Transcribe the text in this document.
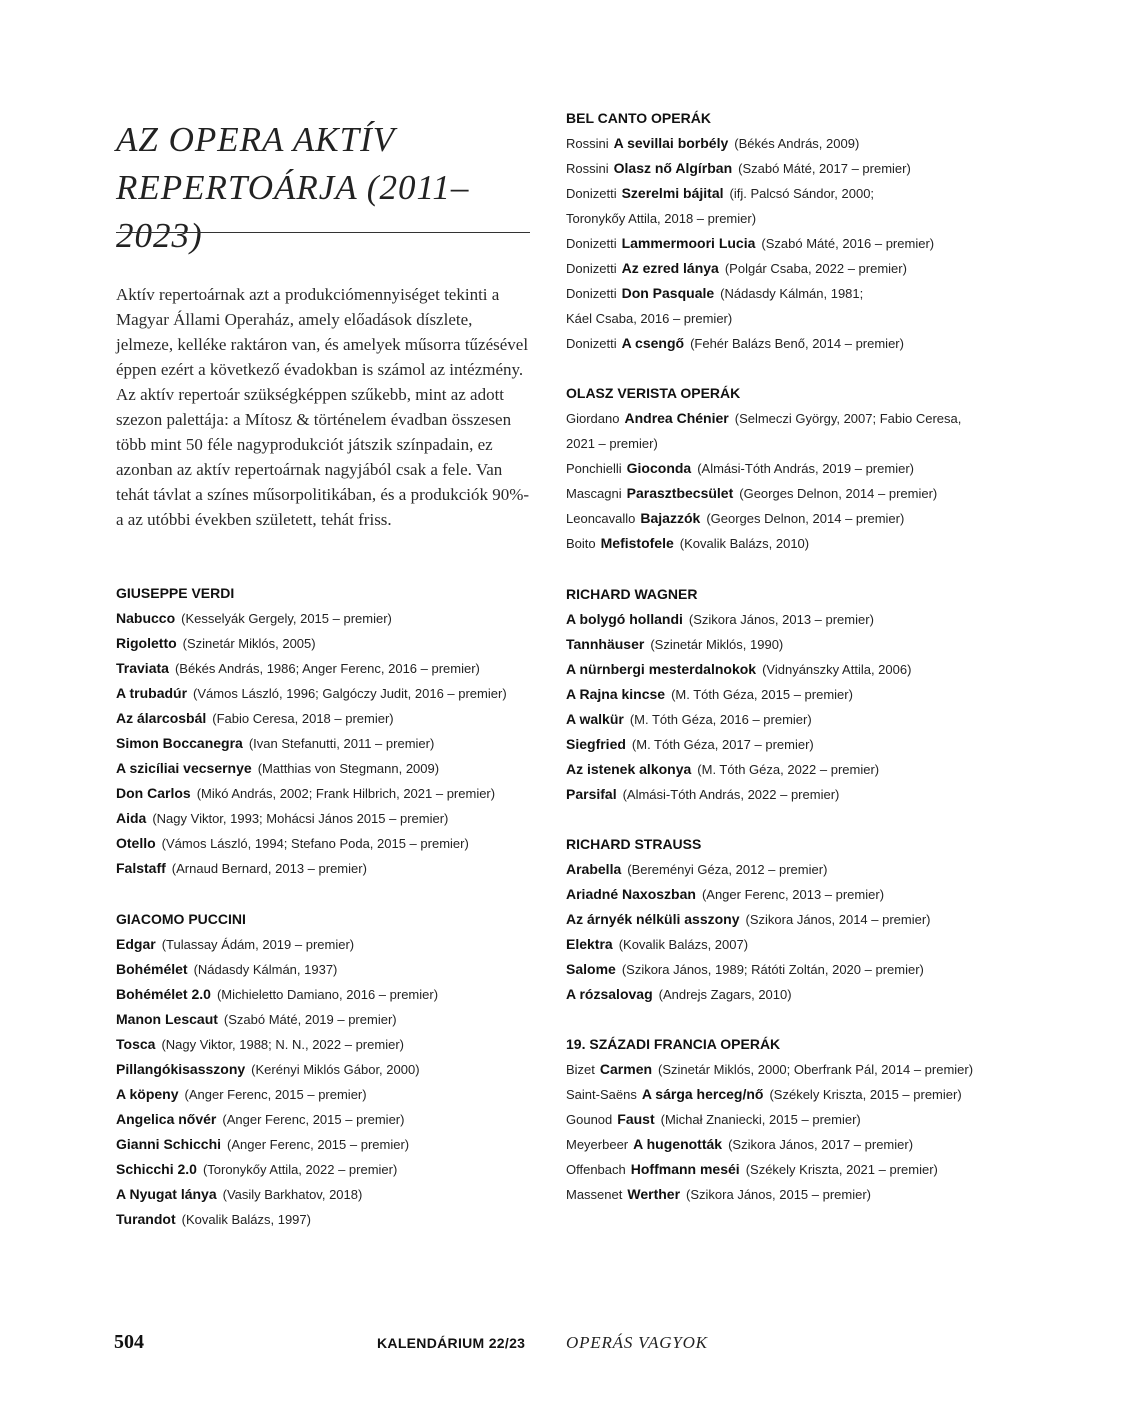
AZ OPERA AKTÍV
REPERTOÁRJA (2011–2023)

Aktív repertoárnak azt a produkciómennyiséget tekinti a Magyar Állami Operaház, amely előadások díszlete, jelmeze, kelléke raktáron van, és amelyek műsorra tűzésével éppen ezért a következő évadokban is számol az intézmény. Az aktív repertoár szükségképpen szűkebb, mint az adott szezon palettája: a Mítosz & történelem évadban összesen több mint 50 féle nagyprodukciót játszik színpadain, ez azonban az aktív repertoárnak nagyjából csak a fele. Van tehát távlat a színes műsorpolitikában, és a produkciók 90%-a az utóbbi években született, tehát friss.

GIUSEPPE VERDI
Nabucco (Kesselyák Gergely, 2015 – premier)
Rigoletto (Szinetár Miklós, 2005)
Traviata (Békés András, 1986; Anger Ferenc, 2016 – premier)
A trubadúr (Vámos László, 1996; Galgóczy Judit, 2016 – premier)
Az álarcosbál (Fabio Ceresa, 2018 – premier)
Simon Boccanegra (Ivan Stefanutti, 2011 – premier)
A szicíliai vecsernye (Matthias von Stegmann, 2009)
Don Carlos (Mikó András, 2002; Frank Hilbrich, 2021 – premier)
Aida (Nagy Viktor, 1993; Mohácsi János 2015 – premier)
Otello (Vámos László, 1994; Stefano Poda, 2015 – premier)
Falstaff (Arnaud Bernard, 2013 – premier)
GIACOMO PUCCINI
Edgar (Tulassay Ádám, 2019 – premier)
Bohémélet (Nádasdy Kálmán, 1937)
Bohémélet 2.0 (Michieletto Damiano, 2016 – premier)
Manon Lescaut (Szabó Máté, 2019 – premier)
Tosca (Nagy Viktor, 1988; N. N., 2022 – premier)
Pillangókisasszony (Kerényi Miklós Gábor, 2000)
A köpeny (Anger Ferenc, 2015 – premier)
Angelica nővér (Anger Ferenc, 2015 – premier)
Gianni Schicchi (Anger Ferenc, 2015 – premier)
Schicchi 2.0 (Toronykőy Attila, 2022 – premier)
A Nyugat lánya (Vasily Barkhatov, 2018)
Turandot (Kovalik Balázs, 1997)
BEL CANTO OPERÁK
Rossini A sevillai borbély (Békés András, 2009)
Rossini Olasz nő Algírban (Szabó Máté, 2017 – premier)
Donizetti Szerelmi bájital (ifj. Palcsó Sándor, 2000;
Toronykőy Attila, 2018 – premier)
Donizetti Lammermoori Lucia (Szabó Máté, 2016 – premier)
Donizetti Az ezred lánya (Polgár Csaba, 2022 – premier)
Donizetti Don Pasquale (Nádasdy Kálmán, 1981;
Káel Csaba, 2016 – premier)
Donizetti A csengő (Fehér Balázs Benő, 2014 – premier)
OLASZ VERISTA OPERÁK
Giordano Andrea Chénier (Selmeczi György, 2007; Fabio Ceresa,
2021 – premier)
Ponchielli Gioconda (Almási-Tóth András, 2019 – premier)
Mascagni Parasztbecsület (Georges Delnon, 2014 – premier)
Leoncavallo Bajazzók (Georges Delnon, 2014 – premier)
Boito Mefistofele (Kovalik Balázs, 2010)
RICHARD WAGNER
A bolygó hollandi (Szikora János, 2013 – premier)
Tannhäuser (Szinetár Miklós, 1990)
A nürnbergi mesterdalnokok (Vidnyánszky Attila, 2006)
A Rajna kincse (M. Tóth Géza, 2015 – premier)
A walkür (M. Tóth Géza, 2016 – premier)
Siegfried (M. Tóth Géza, 2017 – premier)
Az istenek alkonya (M. Tóth Géza, 2022 – premier)
Parsifal (Almási-Tóth András, 2022 – premier)
RICHARD STRAUSS
Arabella (Bereményi Géza, 2012 – premier)
Ariadné Naxoszban (Anger Ferenc, 2013 – premier)
Az árnyék nélküli asszony (Szikora János, 2014 – premier)
Elektra (Kovalik Balázs, 2007)
Salome (Szikora János, 1989; Rátóti Zoltán, 2020 – premier)
A rózsalovag (Andrejs Zagars, 2010)
19. SZÁZADI FRANCIA OPERÁK
Bizet Carmen (Szinetár Miklós, 2000; Oberfrank Pál, 2014 – premier)
Saint-Saëns A sárga herceg/nő (Székely Kriszta, 2015 – premier)
Gounod Faust (Michał Znaniecki, 2015 – premier)
Meyerbeer A hugenották (Szikora János, 2017 – premier)
Offenbach Hoffmann meséi (Székely Kriszta, 2021 – premier)
Massenet Werther (Szikora János, 2015 – premier)
504	KALENDÁRIUM 22/23 OPERÁS VAGYOK
